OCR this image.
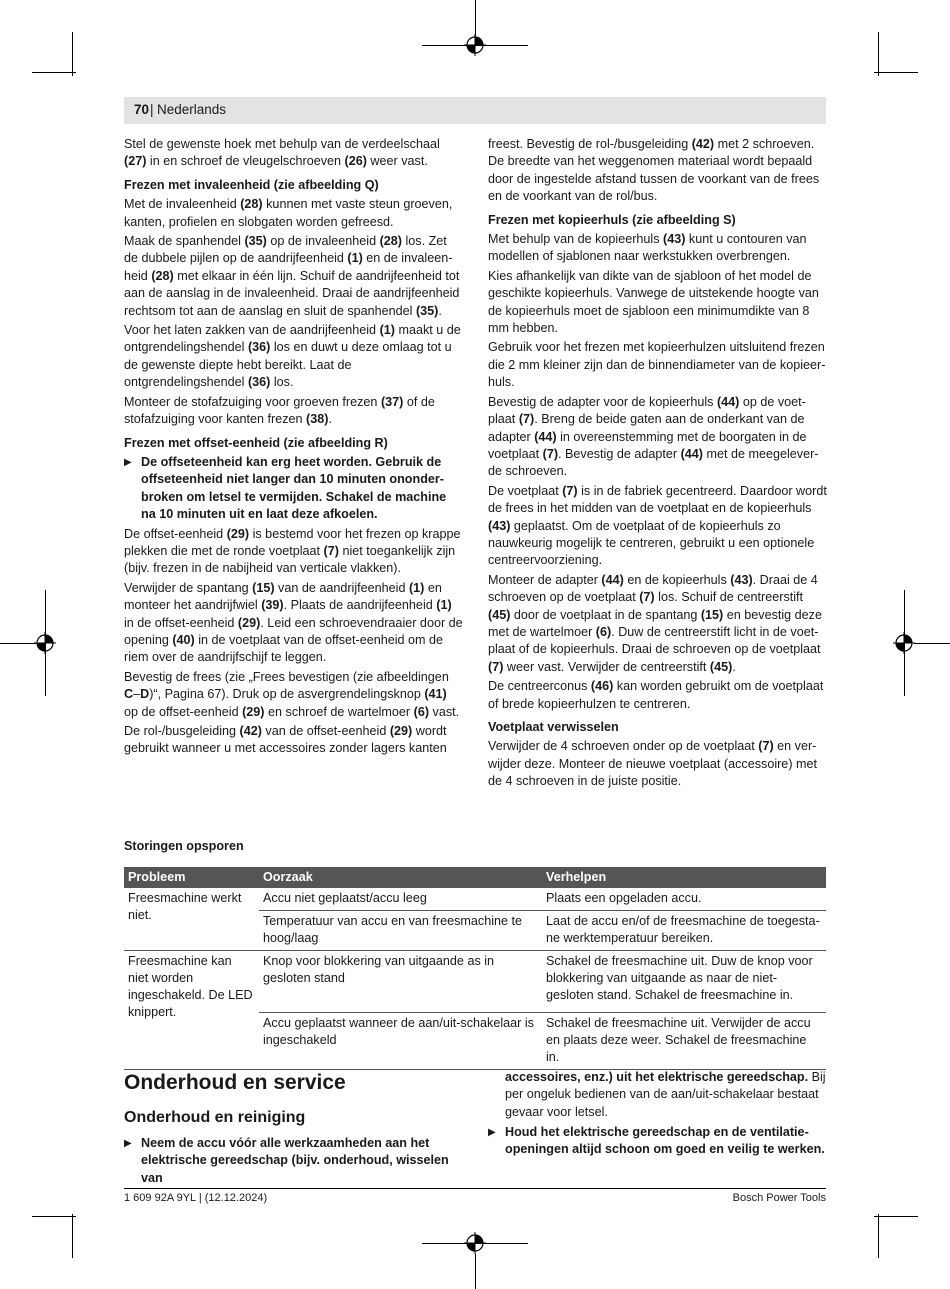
70 | Nederlands

Stel de gewenste hoek met behulp van de verdeelschaal (27) in en schroef de vleugelschroeven (26) weer vast.

Frezen met invaleenheid (zie afbeelding Q)

Met de invaleenheid (28) kunnen met vaste steun groeven, kanten, profielen en slobgaten worden gefreesd.

Maak de spanhendel (35) op de invaleenheid (28) los. Zet de dubbele pijlen op de aandrijfeenheid (1) en de invaleenheid (28) met elkaar in één lijn. Schuif de aandrijfeenheid tot aan de aanslag in de invaleenheid. Draai de aandrijfeenheid rechtsom tot aan de aanslag en sluit de spanhendel (35).

Voor het laten zakken van de aandrijfeenheid (1) maakt u de ontgrendelingshendel (36) los en duwt u deze omlaag tot u de gewenste diepte hebt bereikt. Laat de ontgrendelingshendel (36) los.

Monteer de stofafzuiging voor groeven frezen (37) of de stofafzuiging voor kanten frezen (38).

Frezen met offset-eenheid (zie afbeelding R)

▶ De offseteenheid kan erg heet worden. Gebruik de offseteenheid niet langer dan 10 minuten ononderbroken om letsel te vermijden. Schakel de machine na 10 minuten uit en laat deze afkoelen.

De offset-eenheid (29) is bestemd voor het frezen op krappe plekken die met de ronde voetplaat (7) niet toegankelijk zijn (bijv. frezen in de nabijheid van verticale vlakken).

Verwijder de spantang (15) van de aandrijfeenheid (1) en monteer het aandrijfwiel (39). Plaats de aandrijfeenheid (1) in de offset-eenheid (29). Leid een schroevendraaier door de opening (40) in de voetplaat van de offset-eenheid om de riem over de aandrijfschijf te leggen.

Bevestig de frees (zie „Frees bevestigen (zie afbeeldingen C–D)“, Pagina 67). Druk op de asvergrendelingsknop (41) op de offset-eenheid (29) en schroef de wartelmoer (6) vast.

De rol-/busgeleiding (42) van de offset-eenheid (29) wordt gebruikt wanneer u met accessoires zonder lagers kanten

freest. Bevestig de rol-/busgeleiding (42) met 2 schroeven. De breedte van het weggenomen materiaal wordt bepaald door de ingestelde afstand tussen de voorkant van de frees en de voorkant van de rol/bus.

Frezen met kopieerhuls (zie afbeelding S)

Met behulp van de kopieerhuls (43) kunt u contouren van modellen of sjablonen naar werkstukken overbrengen.

Kies afhankelijk van dikte van de sjabloon of het model de geschikte kopieerhuls. Vanwege de uitstekende hoogte van de kopieerhuls moet de sjabloon een minimumdikte van 8 mm hebben.

Gebruik voor het frezen met kopieerhulzen uitsluitend frezen die 2 mm kleiner zijn dan de binnendiameter van de kopieerhuls.

Bevestig de adapter voor de kopieerhuls (44) op de voetplaat (7). Breng de beide gaten aan de onderkant van de adapter (44) in overeenstemming met de boorgaten in de voetplaat (7). Bevestig de adapter (44) met de meegeleverde schroeven.

De voetplaat (7) is in de fabriek gecentreerd. Daardoor wordt de frees in het midden van de voetplaat en de kopieerhuls (43) geplaatst. Om de voetplaat of de kopieerhuls zo nauwkeurig mogelijk te centreren, gebruikt u een optionele centreervoorziening.

Monteer de adapter (44) en de kopieerhuls (43). Draai de 4 schroeven op de voetplaat (7) los. Schuif de centreerstift (45) door de voetplaat in de spantang (15) en bevestig deze met de wartelmoer (6). Duw de centreerstift licht in de voetplaat of de kopieerhuls. Draai de schroeven op de voetplaat (7) weer vast. Verwijder de centreerstift (45).

De centreerconus (46) kan worden gebruikt om de voetplaat of brede kopieerhulzen te centreren.

Voetplaat verwisselen

Verwijder de 4 schroeven onder op de voetplaat (7) en verwijder deze. Monteer de nieuwe voetplaat (accessoire) met de 4 schroeven in de juiste positie.

Storingen opsporen
Probleem	Oorzaak	Verhelpen
Freesmachine werkt niet.	Accu niet geplaatst/accu leeg	Plaats een opgeladen accu.
	Temperatuur van accu en van freesmachine te hoog/laag	Laat de accu en/of de freesmachine de toegestane werktemperatuur bereiken.
Freesmachine kan niet worden ingeschakeld. De LED knippert.	Knop voor blokkering van uitgaande as in gesloten stand	Schakel de freesmachine uit. Duw de knop voor blokkering van uitgaande as naar de niet-gesloten stand. Schakel de freesmachine in.
	Accu geplaatst wanneer de aan/uit-schakelaar is ingeschakeld	Schakel de freesmachine uit. Verwijder de accu en plaats deze weer. Schakel de freesmachine in.
Onderhoud en service
Onderhoud en reiniging

▶ Neem de accu vóór alle werkzaamheden aan het elektrische gereedschap (bijv. onderhoud, wisselen van

accessoires, enz.) uit het elektrische gereedschap. Bij per ongeluk bedienen van de aan/uit-schakelaar bestaat gevaar voor letsel.

▶ Houd het elektrische gereedschap en de ventilatieopeningen altijd schoon om goed en veilig te werken.

1 609 92A 9YL | (12.12.2024)	Bosch Power Tools
